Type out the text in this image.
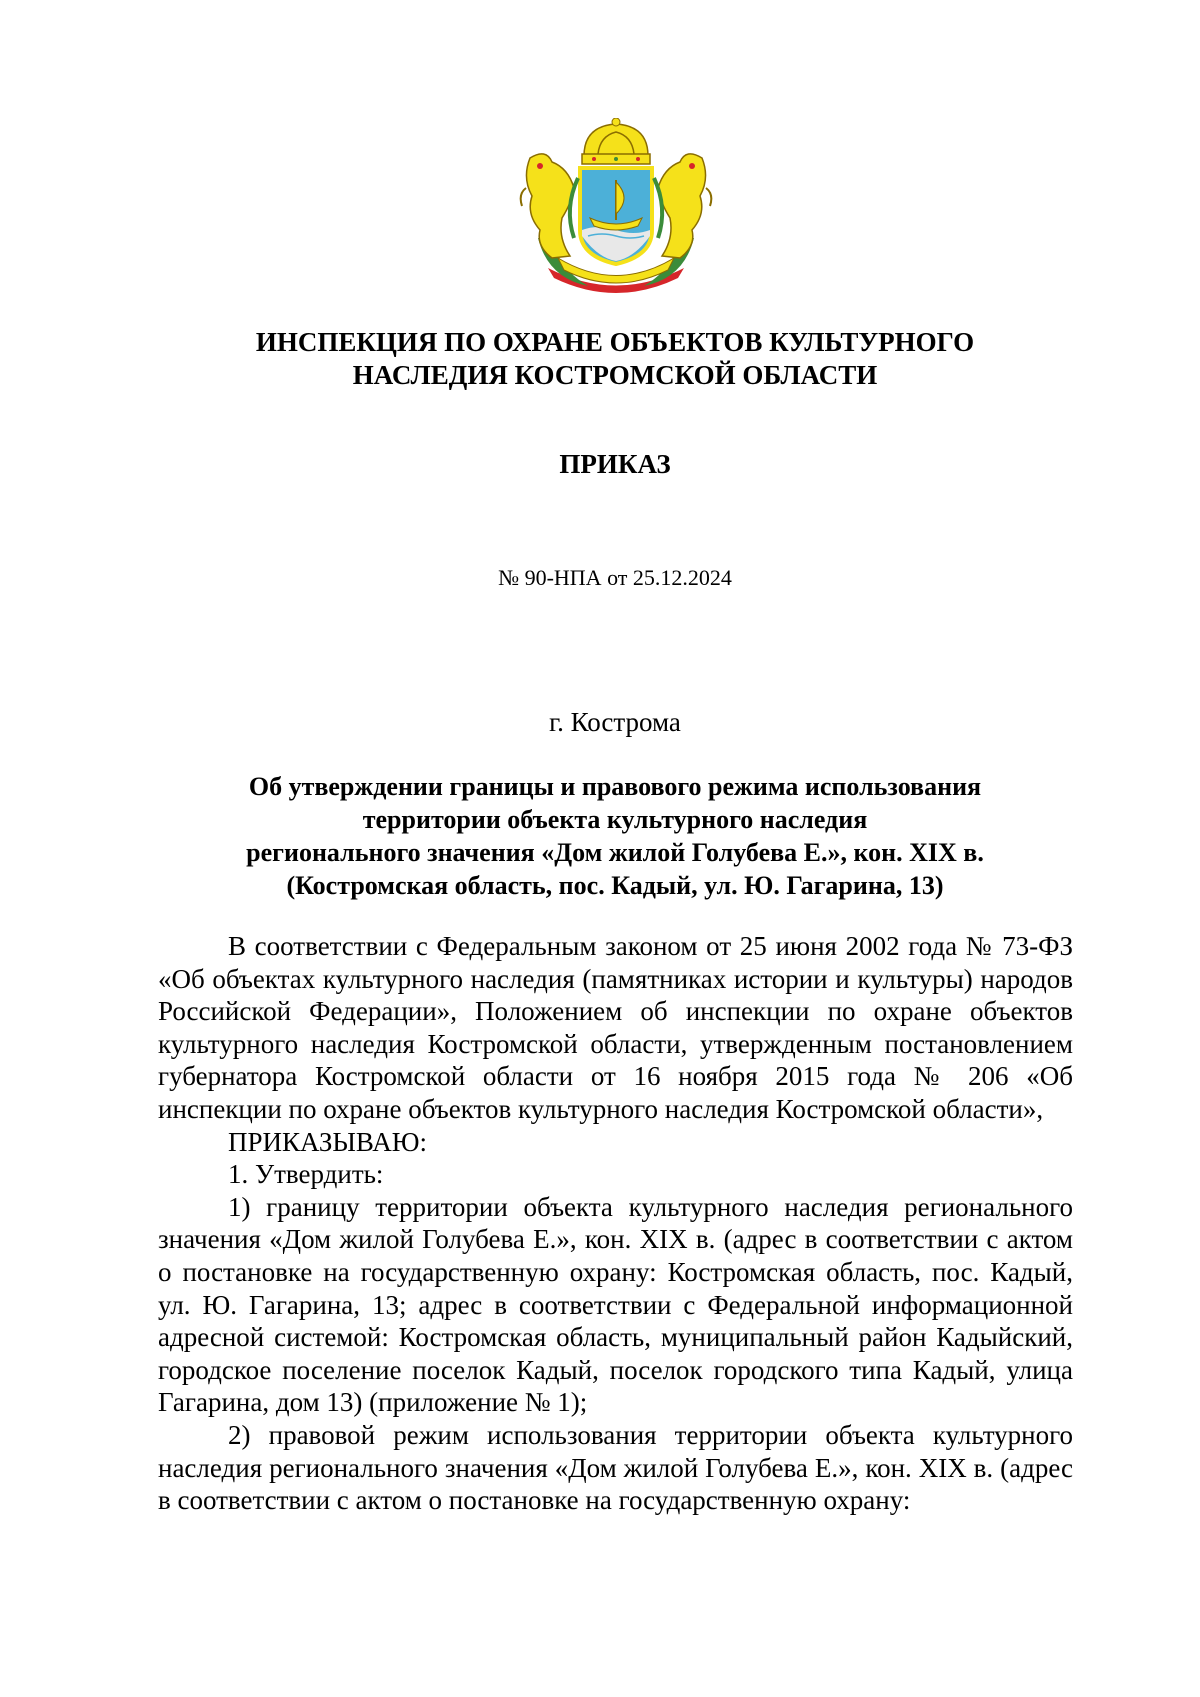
ИНСПЕКЦИЯ ПО ОХРАНЕ ОБЪЕКТОВ КУЛЬТУРНОГО
НАСЛЕДИЯ КОСТРОМСКОЙ ОБЛАСТИ
ПРИКАЗ
№ 90-НПА от 25.12.2024
г. Кострома
Об утверждении границы и правового режима использования
территории объекта культурного наследия
регионального значения «Дом жилой Голубева Е.», кон. XIX в.
(Костромская область, пос. Кадый, ул. Ю. Гагарина, 13)

В соответствии с Федеральным законом от 25 июня 2002 года № 73-ФЗ «Об объектах культурного наследия (памятниках истории и культуры) народов Российской Федерации», Положением об инспекции по охране объектов культурного наследия Костромской области, утвержденным постановлением губернатора Костромской области от 16 ноября 2015 года № 206 «Об инспекции по охране объектов культурного наследия Костромской области»,

ПРИКАЗЫВАЮ:

1. Утвердить:

1) границу территории объекта культурного наследия регионального значения «Дом жилой Голубева Е.», кон. XIX в. (адрес в соответствии с актом о постановке на государственную охрану: Костромская область, пос. Кадый, ул. Ю. Гагарина, 13; адрес в соответствии с Федеральной информационной адресной системой: Костромская область, муниципальный район Кадыйский, городское поселение поселок Кадый, поселок городского типа Кадый, улица Гагарина, дом 13) (приложение № 1);

2) правовой режим использования территории объекта культурного наследия регионального значения «Дом жилой Голубева Е.», кон. XIX в. (адрес в соответствии с актом о постановке на государственную охрану:
